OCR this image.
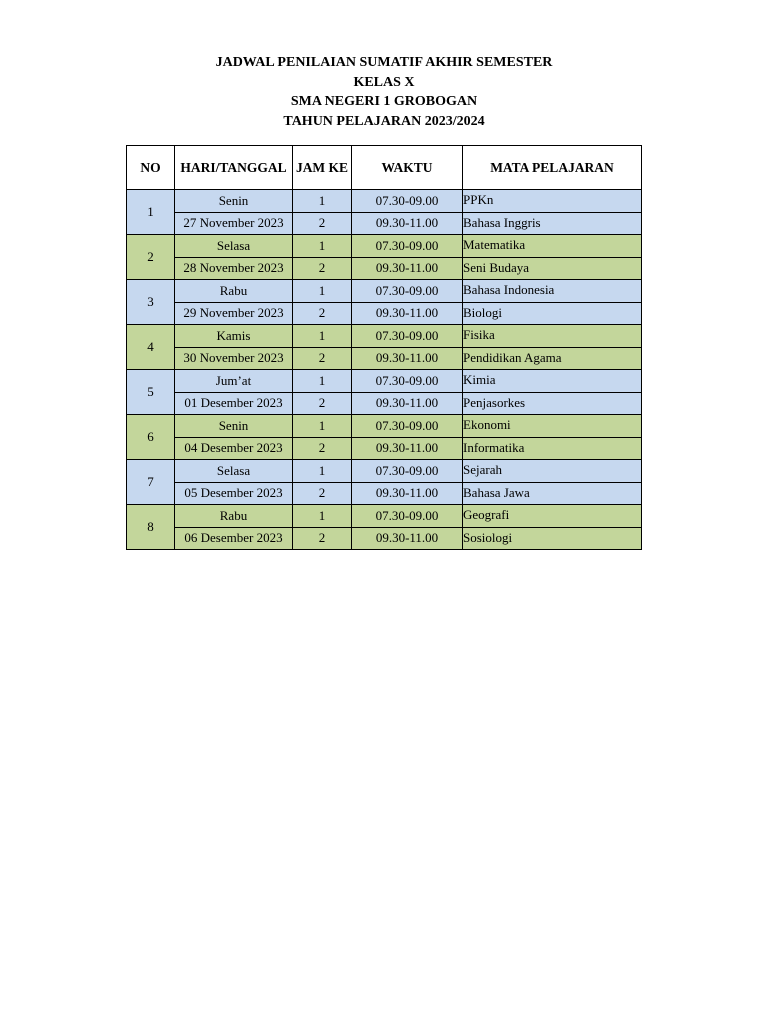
JADWAL PENILAIAN SUMATIF AKHIR SEMESTER
KELAS X
SMA NEGERI 1 GROBOGAN
TAHUN PELAJARAN 2023/2024
NO	HARI/TANGGAL	JAM KE	WAKTU	MATA PELAJARAN
1	Senin	1	07.30-09.00	PPKn
	27 November 2023	2	09.30-11.00	Bahasa Inggris
2	Selasa	1	07.30-09.00	Matematika
	28 November 2023	2	09.30-11.00	Seni Budaya
3	Rabu	1	07.30-09.00	Bahasa Indonesia
	29 November 2023	2	09.30-11.00	Biologi
4	Kamis	1	07.30-09.00	Fisika
	30 November 2023	2	09.30-11.00	Pendidikan Agama
5	Jum’at	1	07.30-09.00	Kimia
	01 Desember 2023	2	09.30-11.00	Penjasorkes
6	Senin	1	07.30-09.00	Ekonomi
	04 Desember 2023	2	09.30-11.00	Informatika
7	Selasa	1	07.30-09.00	Sejarah
	05 Desember 2023	2	09.30-11.00	Bahasa Jawa
8	Rabu	1	07.30-09.00	Geografi
	06 Desember 2023	2	09.30-11.00	Sosiologi
